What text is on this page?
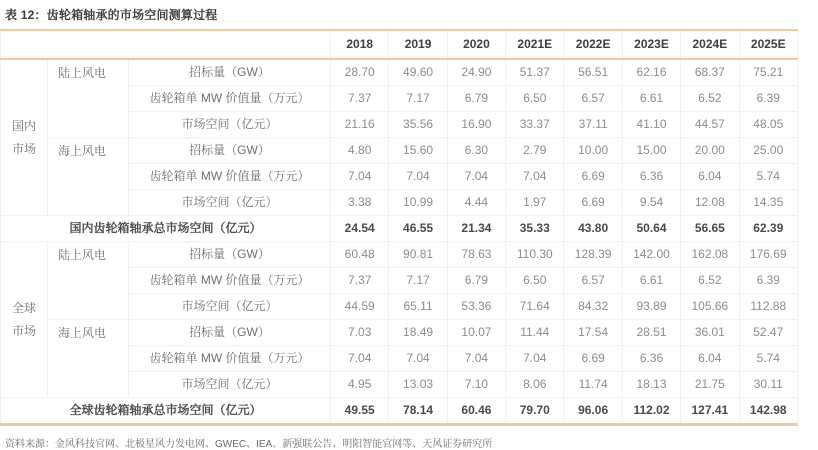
表 12：齿轮箱轴承的市场空间测算过程
			2018	2019	2020	2021E	2022E	2023E	2024E	2025E
国内市场	陆上风电	招标量（GW）	28.70	49.60	24.90	51.37	56.51	62.16	68.37	75.21
		齿轮箱单 MW 价值量（万元）	7.37	7.17	6.79	6.50	6.57	6.61	6.52	6.39
		市场空间（亿元）	21.16	35.56	16.90	33.37	37.11	41.10	44.57	48.05
	海上风电	招标量（GW）	4.80	15.60	6.30	2.79	10.00	15.00	20.00	25.00
		齿轮箱单 MW 价值量（万元）	7.04	7.04	7.04	7.04	6.69	6.36	6.04	5.74
		市场空间（亿元）	3.38	10.99	4.44	1.97	6.69	9.54	12.08	14.35
国内齿轮箱轴承总市场空间（亿元）			24.54	46.55	21.34	35.33	43.80	50.64	56.65	62.39
全球市场	陆上风电	招标量（GW）	60.48	90.81	78.63	110.30	128.39	142.00	162.08	176.69
		齿轮箱单 MW 价值量（万元）	7.37	7.17	6.79	6.50	6.57	6.61	6.52	6.39
		市场空间（亿元）	44.59	65.11	53.36	71.64	84.32	93.89	105.66	112.88
	海上风电	招标量（GW）	7.03	18.49	10.07	11.44	17.54	28.51	36.01	52.47
		齿轮箱单 MW 价值量（万元）	7.04	7.04	7.04	7.04	6.69	6.36	6.04	5.74
		市场空间（亿元）	4.95	13.03	7.10	8.06	11.74	18.13	21.75	30.11
全球齿轮箱轴承总市场空间（亿元）			49.55	78.14	60.46	79.70	96.06	112.02	127.41	142.98
资料来源：金风科技官网、北极星风力发电网、GWEC、IEA、新强联公告、明阳智能官网等、天风证券研究所
